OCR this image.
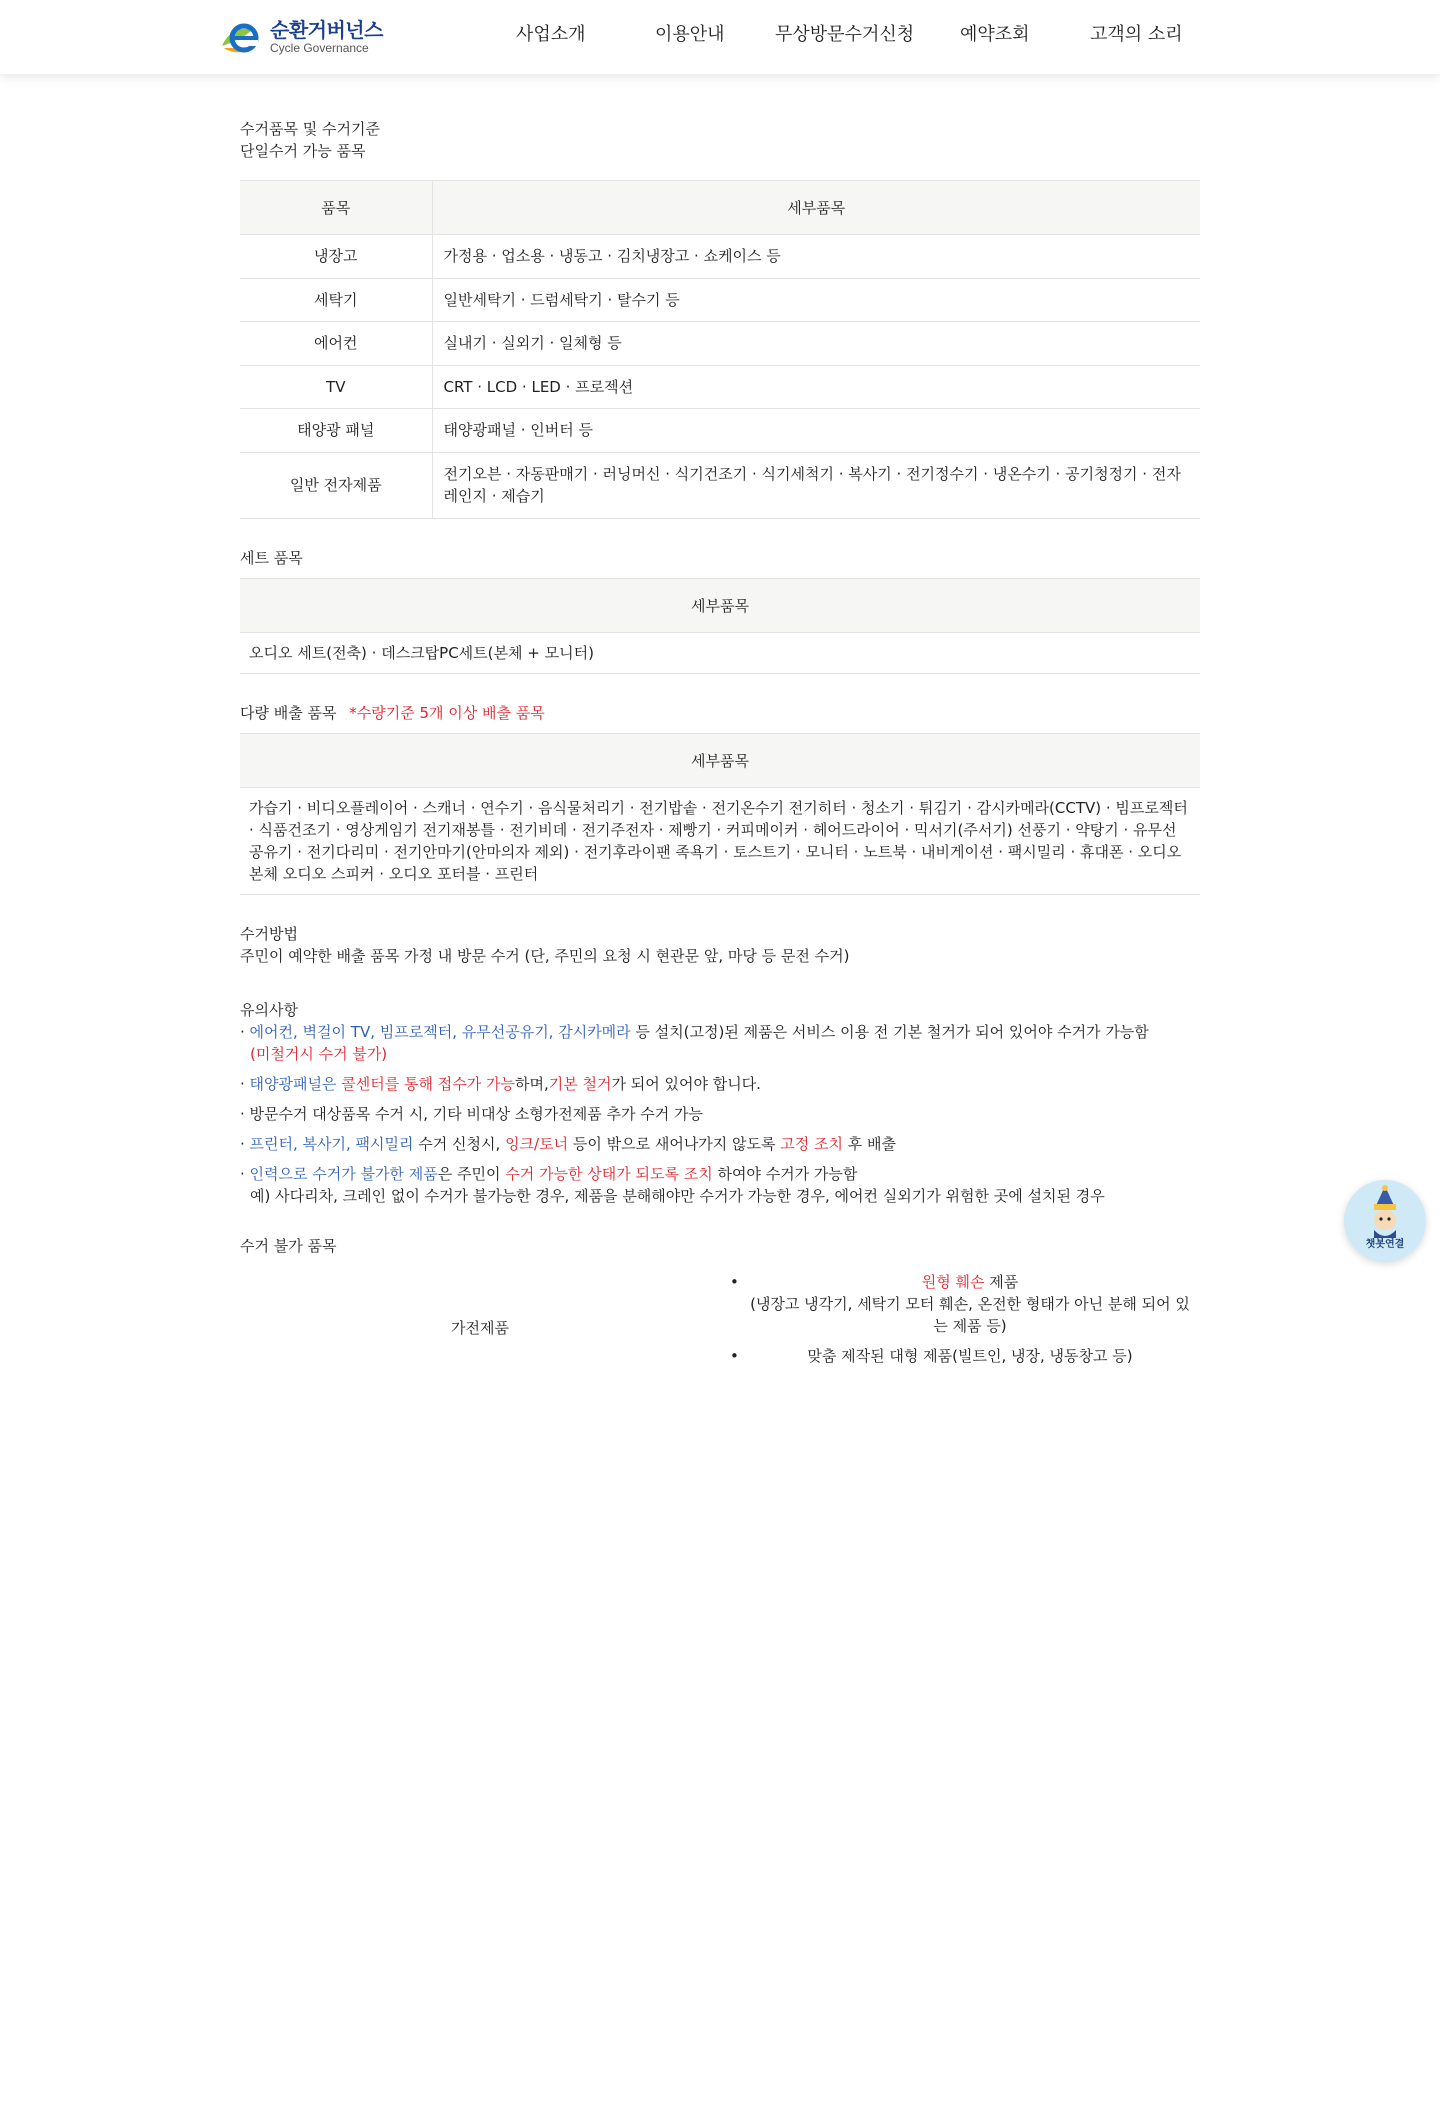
순환거버넌스
Cycle Governance
사업소개	이용안내	무상방문수거신청	예약조회	고객의 소리
수거품목 및 수거기준
단일수거 가능 품목
품목	세부품목
냉장고	가정용 · 업소용 · 냉동고 · 김치냉장고 · 쇼케이스 등
세탁기	일반세탁기 · 드럼세탁기 · 탈수기 등
에어컨	실내기 · 실외기 · 일체형 등
TV	CRT · LCD · LED · 프로젝션
태양광 패널	태양광패널 · 인버터 등
일반 전자제품	전기오븐 · 자동판매기 · 러닝머신 · 식기건조기 · 식기세척기 · 복사기 · 전기정수기 · 냉온수기 · 공기청정기 · 전자레인지 · 제습기
세트 품목
세부품목
오디오 세트(전축) · 데스크탑PC세트(본체 + 모니터)
다량 배출 품목 *수량기준 5개 이상 배출 품목
세부품목
가습기 · 비디오플레이어 · 스캐너 · 연수기 · 음식물처리기 · 전기밥솥 · 전기온수기 전기히터 · 청소기 · 튀김기 · 감시카메라(CCTV) · 빔프로젝터 · 식품건조기 · 영상게임기 전기재봉틀 · 전기비데 · 전기주전자 · 제빵기 · 커피메이커 · 헤어드라이어 · 믹서기(주서기) 선풍기 · 약탕기 · 유무선공유기 · 전기다리미 · 전기안마기(안마의자 제외) · 전기후라이팬 족욕기 · 토스트기 · 모니터 · 노트북 · 내비게이션 · 팩시밀리 · 휴대폰 · 오디오 본체 오디오 스피커 · 오디오 포터블 · 프린터
수거방법
주민이 예약한 배출 품목 가정 내 방문 수거 (단, 주민의 요청 시 현관문 앞, 마당 등 문전 수거)
유의사항
· 에어컨, 벽걸이 TV, 빔프로젝터, 유무선공유기, 감시카메라 등 설치(고정)된 제품은 서비스 이용 전 기본 철거가 되어 있어야 수거가 가능함
(미철거시 수거 불가)
· 태양광패널은 콜센터를 통해 접수가 가능하며,기본 철거가 되어 있어야 합니다.
· 방문수거 대상품목 수거 시, 기타 비대상 소형가전제품 추가 수거 가능
· 프린터, 복사기, 팩시밀리 수거 신청시, 잉크/토너 등이 밖으로 새어나가지 않도록 고정 조치 후 배출
· 인력으로 수거가 불가한 제품은 주민이 수거 가능한 상태가 되도록 조치 하여야 수거가 가능함
예) 사다리차, 크레인 없이 수거가 불가능한 경우, 제품을 분해해야만 수거가 가능한 경우, 에어컨 실외기가 위험한 곳에 설치된 경우
수거 불가 품목
가전제품
• 원형 훼손 제품
(냉장고 냉각기, 세탁기 모터 훼손, 온전한 형태가 아닌 분해 되어 있는 제품 등)
• 맞춤 제작된 대형 제품(빌트인, 냉장, 냉동창고 등)
챗봇연결
